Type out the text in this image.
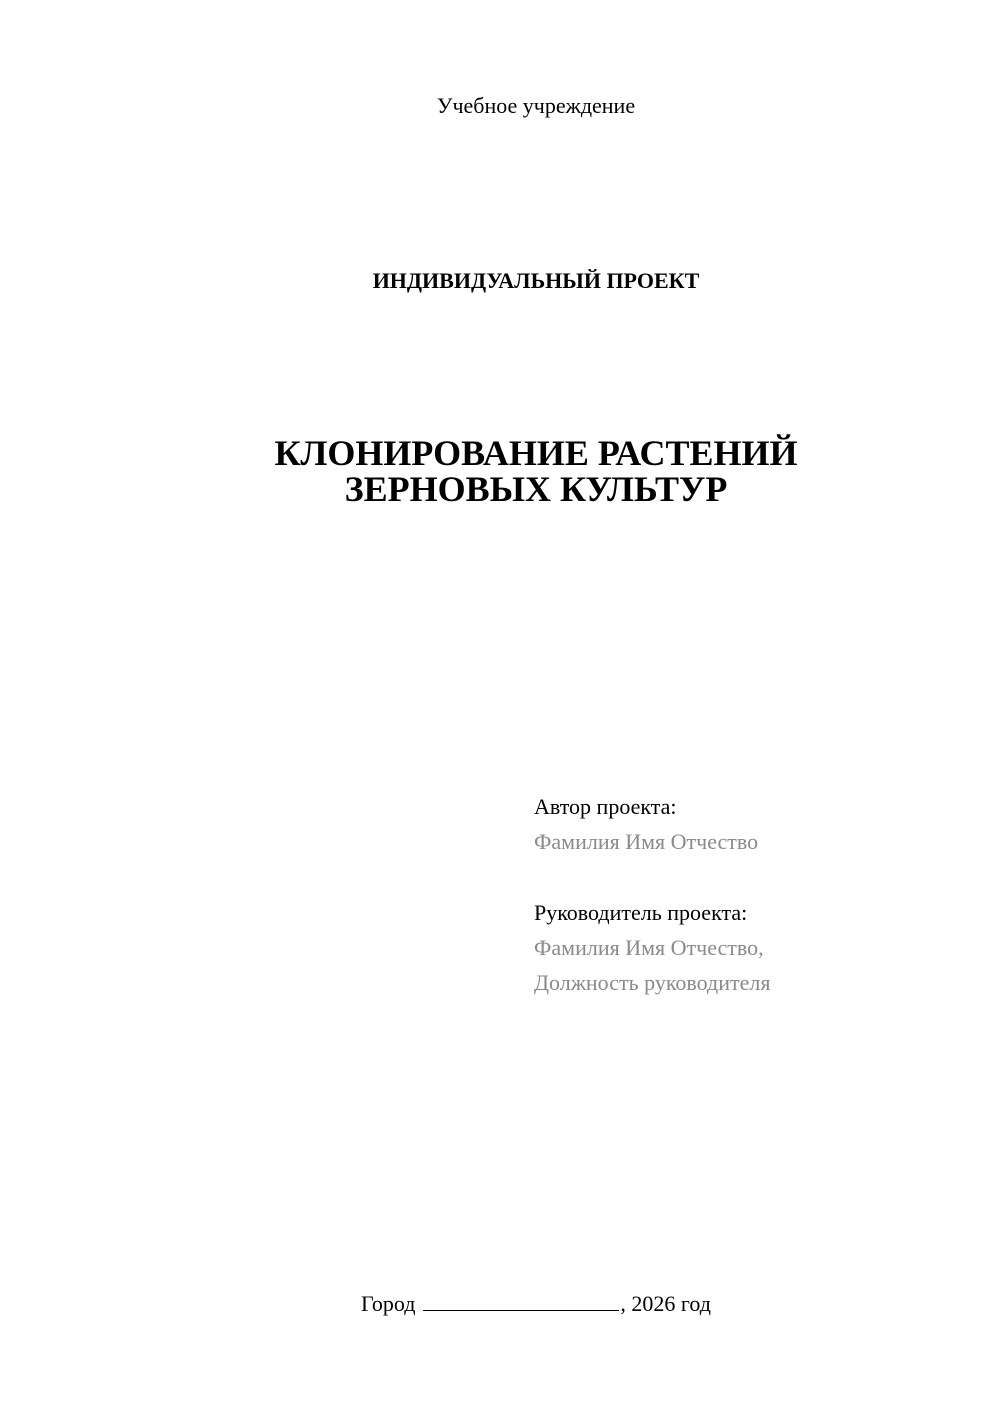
Учебное учреждение
ИНДИВИДУАЛЬНЫЙ ПРОЕКТ
КЛОНИРОВАНИЕ РАСТЕНИЙ
ЗЕРНОВЫХ КУЛЬТУР
Автор проекта:
Фамилия Имя Отчество
Руководитель проекта:
Фамилия Имя Отчество,
Должность руководителя
Город	, 2026 год
